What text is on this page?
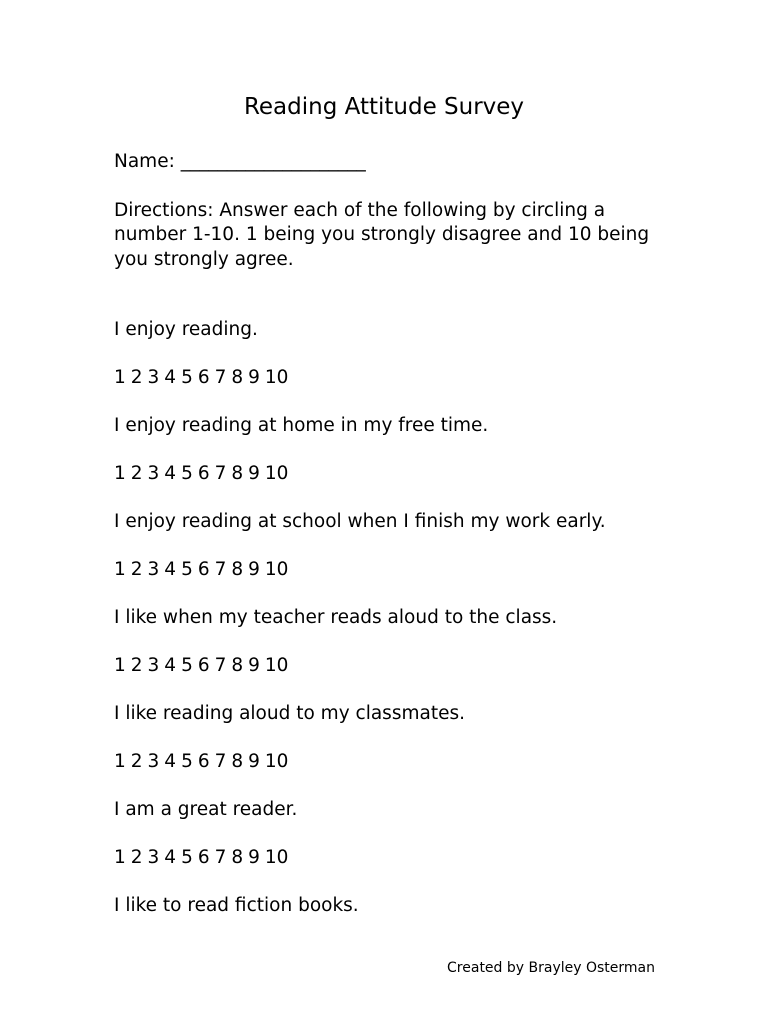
Reading Attitude Survey

Name: ____________________

Directions: Answer each of the following by circling a number 1-10. 1 being you strongly disagree and 10 being you strongly agree.

I enjoy reading.

1 2 3 4 5 6 7 8 9 10

I enjoy reading at home in my free time.

1 2 3 4 5 6 7 8 9 10

I enjoy reading at school when I finish my work early.

1 2 3 4 5 6 7 8 9 10

I like when my teacher reads aloud to the class.

1 2 3 4 5 6 7 8 9 10

I like reading aloud to my classmates.

1 2 3 4 5 6 7 8 9 10

I am a great reader.

1 2 3 4 5 6 7 8 9 10

I like to read fiction books.

Created by Brayley Osterman
